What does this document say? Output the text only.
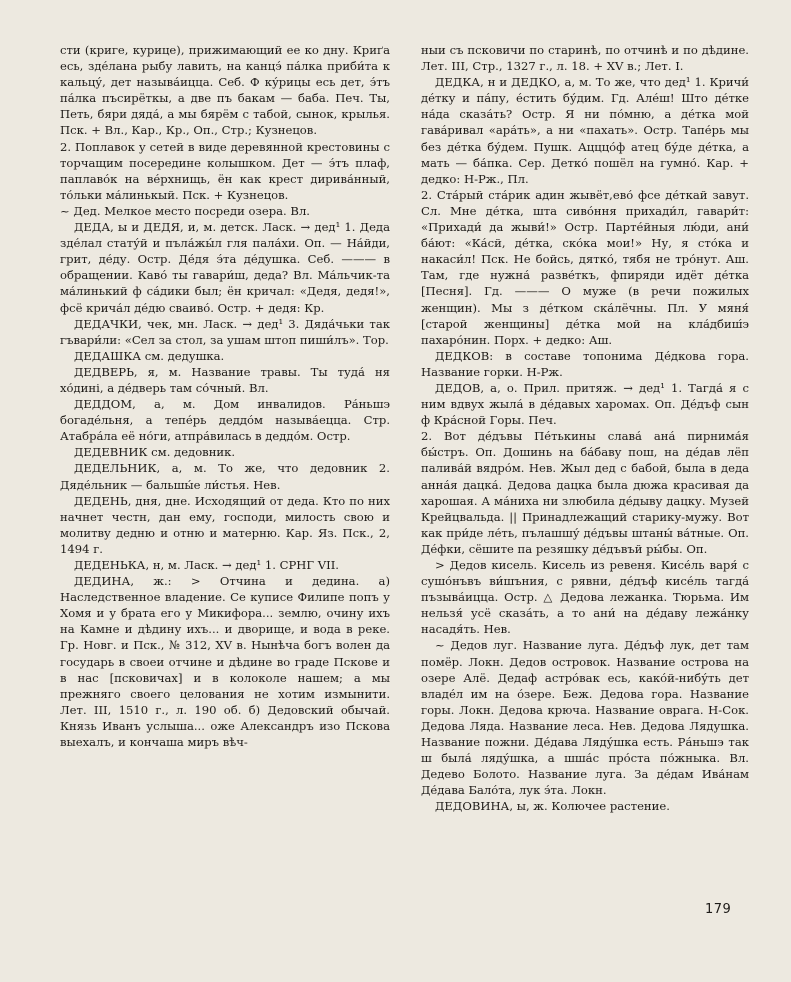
сти (криге, курице), прижимающий ее ко дну. Криґа есь, зде́лана рыбу лавить, на канцэ́ па́лка приби́та к кальцу́, дет называ́ицца. Себ. Ф ку́рицы есь дет, э́тъ па́лка пъсирёткы, а две пъ бакам — баба. Печ. Ты, Петь, бяри дяда́, а мы бярём с табой, сынок, крылья. Пск. + Вл., Кар., Кр., Оп., Стр.; Кузнецов.

2. Поплавок у сетей в виде деревянной крестовины с торчащим посередине колышком. Дет — э́тъ плаф, паплаво́к на ве́рхнищь, ён как крест дирива́нный, то́льки ма́линькый. Пск. + Кузнецов.

~ Дед. Мелкое место посреди озера. Вл.

ДЕДА, ы и ДЕДЯ, и, м. детск. Ласк. → дед¹ 1. Деда зде́лал стату́й и пъла́жы́л гля пала́хи. Оп. — На́йди, грит, де́ду. Остр. Де́дя э́та де́душка. Себ. ——— в обращении. Каво́ ты гавари́ш, деда? Вл. Ма́льчик-та ма́линький ф са́дики был; ён кричал: «Дедя, дедя!», фсё крича́л де́дю сваиво́. Остр. + дедя: Кр.

ДЕДАЧКИ, чек, мн. Ласк. → дед¹ 3. Дяда́чьки так гъвари́ли: «Сел за стол, за ушам штоп пиши́лъ». Тор.

ДЕДАШКА см. дедушка.

ДЕДВЕРЬ, я, м. Название травы. Ты туда́ ня хо́дині, а де́дверь там со́чный. Вл.

ДЕДДОМ, а, м. Дом инвалидов. Ра́ньшэ богаде́льня, а тепе́рь деддо́м называ́ецца. Стр. Атабра́ла её но́ги, атпра́вилась в деддо́м. Остр.

ДЕДЕВНИК см. дедовник.

ДЕДЕЛЬНИК, а, м. То же, что дедовник 2. Дяде́льник — бальшы́е ли́стья. Нев.

ДЕДЕНЬ, дня, дне. Исходящий от деда. Кто по них начнет честн, дан ему, господи, милость свою и молитву дедню и отню и матерню. Кар. Яз. Пск., 2, 1494 г.

ДЕДЕНЬКА, н, м. Ласк. → дед¹ 1. СРНГ VII.

ДЕДИНА, ж.: > Отчина и дедина. а) Наследственное владение. Се куписе Филипе попъ у Хомя и у брата его у Микифора... землю, очину ихъ на Камне и дѣдину ихъ... и дворище, и вода в реке. Гр. Новг. и Пск., № 312, XV в. Нынѣча богъ волен да государь в своеи отчине и дѣдине во граде Пскове и в нас [псковичах] и в колоколе нашем; а мы прежняго своего целования не хотим измынити. Лет. III, 1510 г., л. 190 об. б) Дедовский обычай. Князь Иванъ услыша... оже Александръ изо Пскова выехалъ, и кончаша миръ вѣч-

ныи съ псковичи по старинѣ, по отчинѣ и по дѣдине. Лет. III, Стр., 1327 г., л. 18. + XV в.; Лет. I.

ДЕДКА, н и ДЕДКО, а, м. То же, что дед¹ 1. Кричи́ де́тку и па́пу, е́стить бу́дим. Гд. Але́ш! Што де́тке на́да сказа́ть? Остр. Я ни по́мню, а де́тка мой гава́ривал «ара́ть», а ни «пахать». Остр. Тапе́рь мы без де́тка бу́дем. Пушк. Ацццо́ф атец бу́де де́тка, а мать — ба́пка. Сер. Детко́ пошёл на гумно́. Кар. + дедко: Н-Рж., Пл.

2. Ста́рый ста́рик адин жывёт,ево́ фсе де́ткай завут. Сл. Мне де́тка, шта сиво́ння прихади́л, гавари́т: «Прихади́ да жыви́!» Остр. Парте́йныя лю́ди, ани́ ба́ют: «Ка́сй, де́тка, ско́ка мои!» Ну, я сто́ка и накаси́л! Пск. Не бойсь, дятко́, тябя не тро́нут. Аш. Там, где нужна́ разве́ткъ, фпиряди идёт де́тка [Песня]. Гд. ——— О муже (в речи пожилых женщин). Мы з де́тком ска́лёчны. Пл. У мяня́ [старой женщины] де́тка мой на кла́дбиш́э пахаро́нин. Порх. + дедко: Аш.

ДЕДКОВ: в составе топонима Де́дкова гора. Название горки. Н-Рж.

ДЕДОВ, а, о. Прил. притяж. → дед¹ 1. Тагда́ я с ним вдвух жыла́ в де́давых харомах. Оп. Де́дъф сын ф Кра́сной Горы. Печ.

2. Вот де́дъвы Пе́тькины слава́ ана́ пирнима́я бы́стръ. Оп. Дошинь на ба́баву пош, на де́дав лёп палива́й вядро́м. Нев. Жыл дед с бабой, была в деда анна́я дацка́. Дедова дацка была дюжа красивая да харошая. А ма́ниха ни злюбила де́дыву дацку. Музей Крейцвальда. || Принадлежащий старику-мужу. Вот как при́де ле́ть, пълашшу́ де́дъвы штаны́ ва́тные. Оп. Де́фки, сёшите па резяшку де́дъвъй ры́бы. Оп.

> Дедов кисель. Кисель из ревеня. Кисе́ль варя́ с сушо́нъвъ ви́шъния, с рявни, де́дъф кисе́ль тагда́ пъзыва́ицца. Остр. △ Дедова лежанка. Тюрьма. Им нельзя́ усё сказа́ть, а то ани́ на де́даву лежа́нку насадя́ть. Нев.

~ Дедов луг. Название луга. Де́дъф лук, дет там помёр. Локн. Дедов островок. Название острова на озере Алё. Дедаф астро́вак есь, како́й-нибу́ть дет владе́л им на о́зере. Беж. Дедова гора. Название горы. Локн. Дедова крюча. Название оврага. Н-Сок. Дедова Ляда. Название леса. Нев. Дедова Лядушка. Название пожни. Де́дава Ляду́шка есть. Ра́ньшэ так ш была́ ляду́шка, а шша́с про́ста по́жныка. Вл. Дедево Болото. Название луга. За де́дам Ива́нам Де́дава Бало́та, лук э́та. Локн.

ДЕДОВИНА, ы, ж. Колючее растение.

179
